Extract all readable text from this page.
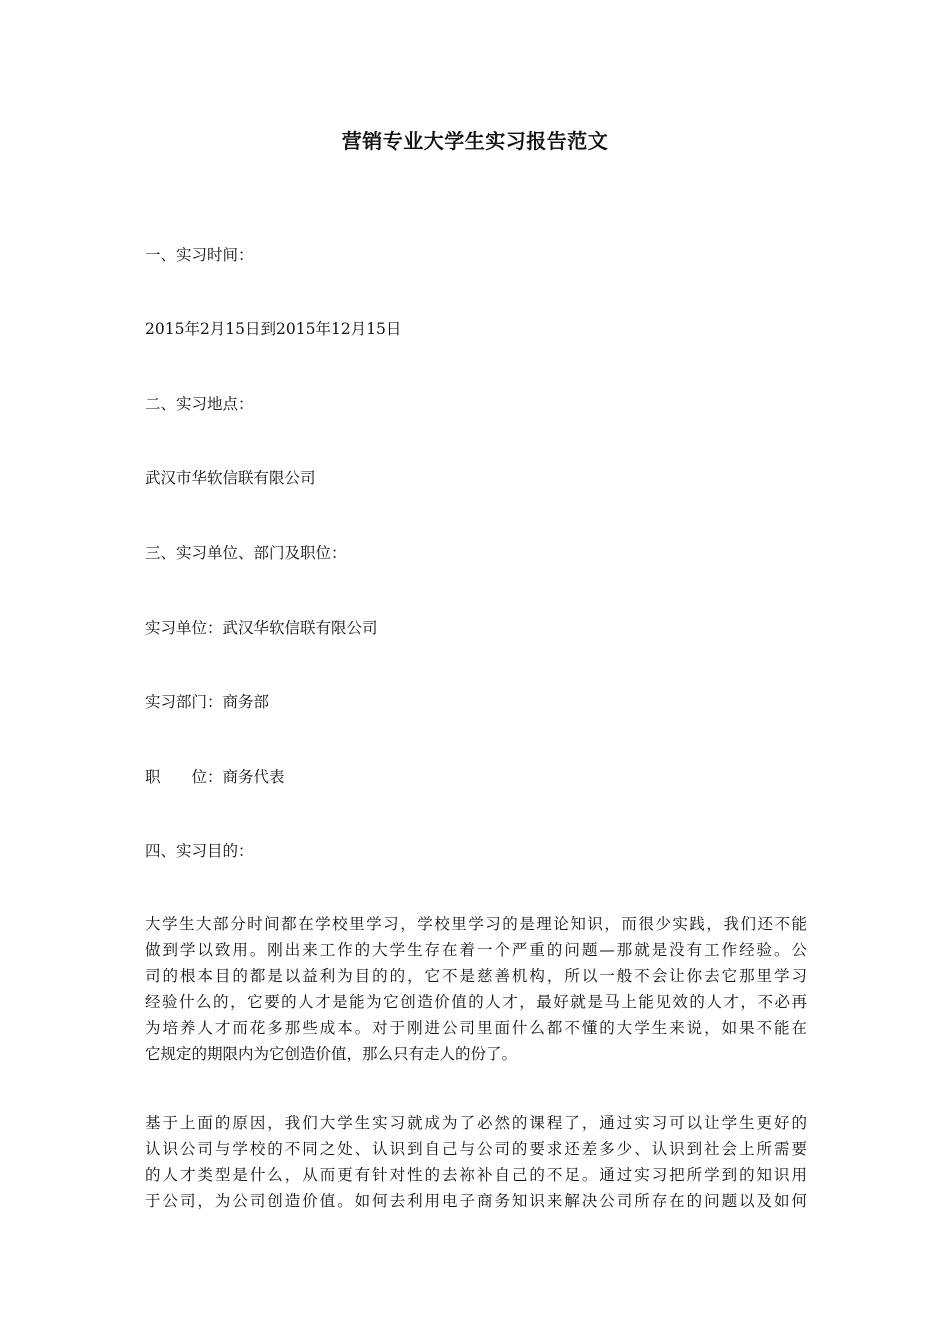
营销专业大学生实习报告范文
一、实习时间：
2015年2月15日到2015年12月15日
二、实习地点：
武汉市华软信联有限公司
三、实习单位、部门及职位：
实习单位：武汉华软信联有限公司
实习部门：商务部
职　　位：商务代表
四、实习目的：
大学生大部分时间都在学校里学习，学校里学习的是理论知识，而很少实践，我们还不能
做到学以致用。刚出来工作的大学生存在着一个严重的问题—那就是没有工作经验。公
司的根本目的都是以益利为目的的，它不是慈善机构，所以一般不会让你去它那里学习
经验什么的，它要的人才是能为它创造价值的人才，最好就是马上能见效的人才，不必再
为培养人才而花多那些成本。对于刚进公司里面什么都不懂的大学生来说，如果不能在
它规定的期限内为它创造价值，那么只有走人的份了。
基于上面的原因，我们大学生实习就成为了必然的课程了，通过实习可以让学生更好的
认识公司与学校的不同之处、认识到自己与公司的要求还差多少、认识到社会上所需要
的人才类型是什么，从而更有针对性的去祢补自己的不足。通过实习把所学到的知识用
于公司，为公司创造价值。如何去利用电子商务知识来解决公司所存在的问题以及如何
